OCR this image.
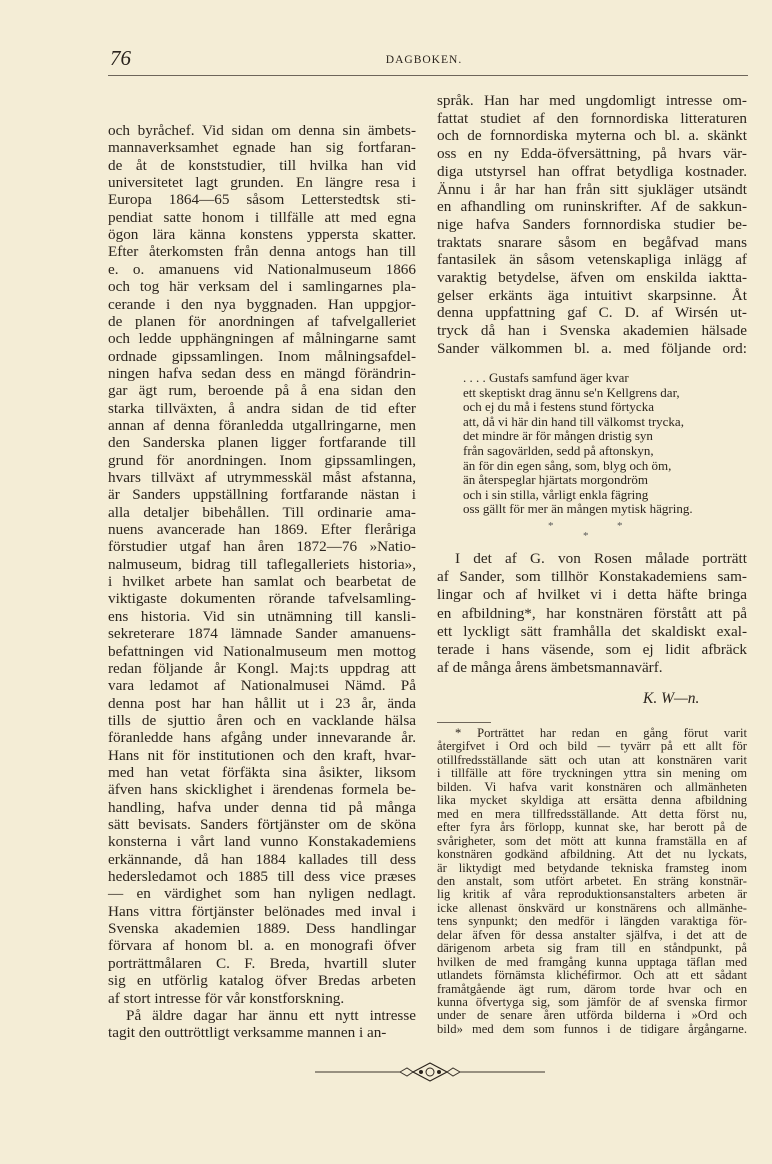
76	DAGBOKEN.
och byråchef. Vid sidan om denna sin ämbets-
mannaverksamhet egnade han sig fortfaran-
de åt de konststudier, till hvilka han vid
universitetet lagt grunden. En längre resa i
Europa 1864—65 såsom Letterstedtsk sti-
pendiat satte honom i tillfälle att med egna
ögon lära känna konstens yppersta skatter.
Efter återkomsten från denna antogs han till
e. o. amanuens vid Nationalmuseum 1866
och tog här verksam del i samlingarnes pla-
cerande i den nya byggnaden. Han uppgjor-
de planen för anordningen af tafvelgalleriet
och ledde upphängningen af målningarne samt
ordnade gipssamlingen. Inom målningsafdel-
ningen hafva sedan dess en mängd förändrin-
gar ägt rum, beroende på å ena sidan den
starka tillväxten, å andra sidan de tid efter
annan af denna föranledda utgallringarne, men
den Sanderska planen ligger fortfarande till
grund för anordningen. Inom gipssamlingen,
hvars tillväxt af utrymmesskäl måst afstanna,
är Sanders uppställning fortfarande nästan i
alla detaljer bibehållen. Till ordinarie ama-
nuens avancerade han 1869. Efter fleråriga
förstudier utgaf han åren 1872—76 »Natio-
nalmuseum, bidrag till taflegalleriets historia»,
i hvilket arbete han samlat och bearbetat de
viktigaste dokumenten rörande tafvelsamling-
ens historia. Vid sin utnämning till kansli-
sekreterare 1874 lämnade Sander amanuens-
befattningen vid Nationalmuseum men mottog
redan följande år Kongl. Maj:ts uppdrag att
vara ledamot af Nationalmusei Nämd. På
denna post har han hållit ut i 23 år, ända
tills de sjuttio åren och en vacklande hälsa
föranledde hans afgång under innevarande år.
Hans nit för institutionen och den kraft, hvar-
med han vetat förfäkta sina åsikter, liksom
äfven hans skicklighet i ärendenas formela be-
handling, hafva under denna tid på många
sätt bevisats. Sanders förtjänster om de sköna
konsterna i vårt land vunno Konstakademiens
erkännande, då han 1884 kallades till dess
hedersledamot och 1885 till dess vice præses
— en värdighet som han nyligen nedlagt.
Hans vittra förtjänster belönades med inval i
Svenska akademien 1889. Dess handlingar
förvara af honom bl. a. en monografi öfver
porträttmålaren C. F. Breda, hvartill sluter
sig en utförlig katalog öfver Bredas arbeten
af stort intresse för vår konstforskning.
På äldre dagar har ännu ett nytt intresse
tagit den outtröttligt verksamme mannen i an-
språk. Han har med ungdomligt intresse om-
fattat studiet af den fornnordiska litteraturen
och de fornnordiska myterna och bl. a. skänkt
oss en ny Edda-öfversättning, på hvars vär-
diga utstyrsel han offrat betydliga kostnader.
Ännu i år har han från sitt sjukläger utsändt
en afhandling om runinskrifter. Af de sakkun-
nige hafva Sanders fornnordiska studier be-
traktats snarare såsom en begåfvad mans
fantasilek än såsom vetenskapliga inlägg af
varaktig betydelse, äfven om enskilda iaktta-
gelser erkänts äga intuitivt skarpsinne. Åt
denna uppfattning gaf C. D. af Wirsén ut-
tryck då han i Svenska akademien hälsade
Sander välkommen bl. a. med följande ord:
. . . . Gustafs samfund äger kvar
ett skeptiskt drag ännu se'n Kellgrens dar,
och ej du må i festens stund förtycka
att, då vi här din hand till välkomst trycka,
det mindre är för mången dristig syn
från sagovärlden, sedd på aftonskyn,
än för din egen sång, som, blyg och öm,
än återspeglar hjärtats morgondröm
och i sin stilla, vårligt enkla fägring
oss gällt för mer än mången mytisk hägring.
*	*
*
I det af G. von Rosen målade porträtt
af Sander, som tillhör Konstakademiens sam-
lingar och af hvilket vi i detta häfte bringa
en afbildning*, har konstnären förstått att på
ett lyckligt sätt framhålla det skaldiskt exal-
terade i hans väsende, som ej lidit afbräck
af de många årens ämbetsmannavärf.
K. W—n.
* Porträttet har redan en gång förut varit
återgifvet i Ord och bild — tyvärr på ett allt för
otillfredsställande sätt och utan att konstnären varit
i tillfälle att före tryckningen yttra sin mening om
bilden. Vi hafva varit konstnären och allmänheten
lika mycket skyldiga att ersätta denna afbildning
med en mera tillfredsställande. Att detta först nu,
efter fyra års förlopp, kunnat ske, har berott på de
svårigheter, som det mött att kunna framställa en af
konstnären godkänd afbildning. Att det nu lyckats,
är liktydigt med betydande tekniska framsteg inom
den anstalt, som utfört arbetet. En sträng konstnär-
lig kritik af våra reproduktionsanstalters arbeten är
icke allenast önskvärd ur konstnärens och allmänhe-
tens synpunkt; den medför i längden varaktiga för-
delar äfven för dessa anstalter själfva, i det att de
därigenom arbeta sig fram till en ståndpunkt, på
hvilken de med framgång kunna upptaga täflan med
utlandets förnämsta klichéfirmor. Och att ett sådant
framåtgående ägt rum, därom torde hvar och en
kunna öfvertyga sig, som jämför de af svenska firmor
under de senare åren utförda bilderna i »Ord och
bild» med dem som funnos i de tidigare årgångarne.
